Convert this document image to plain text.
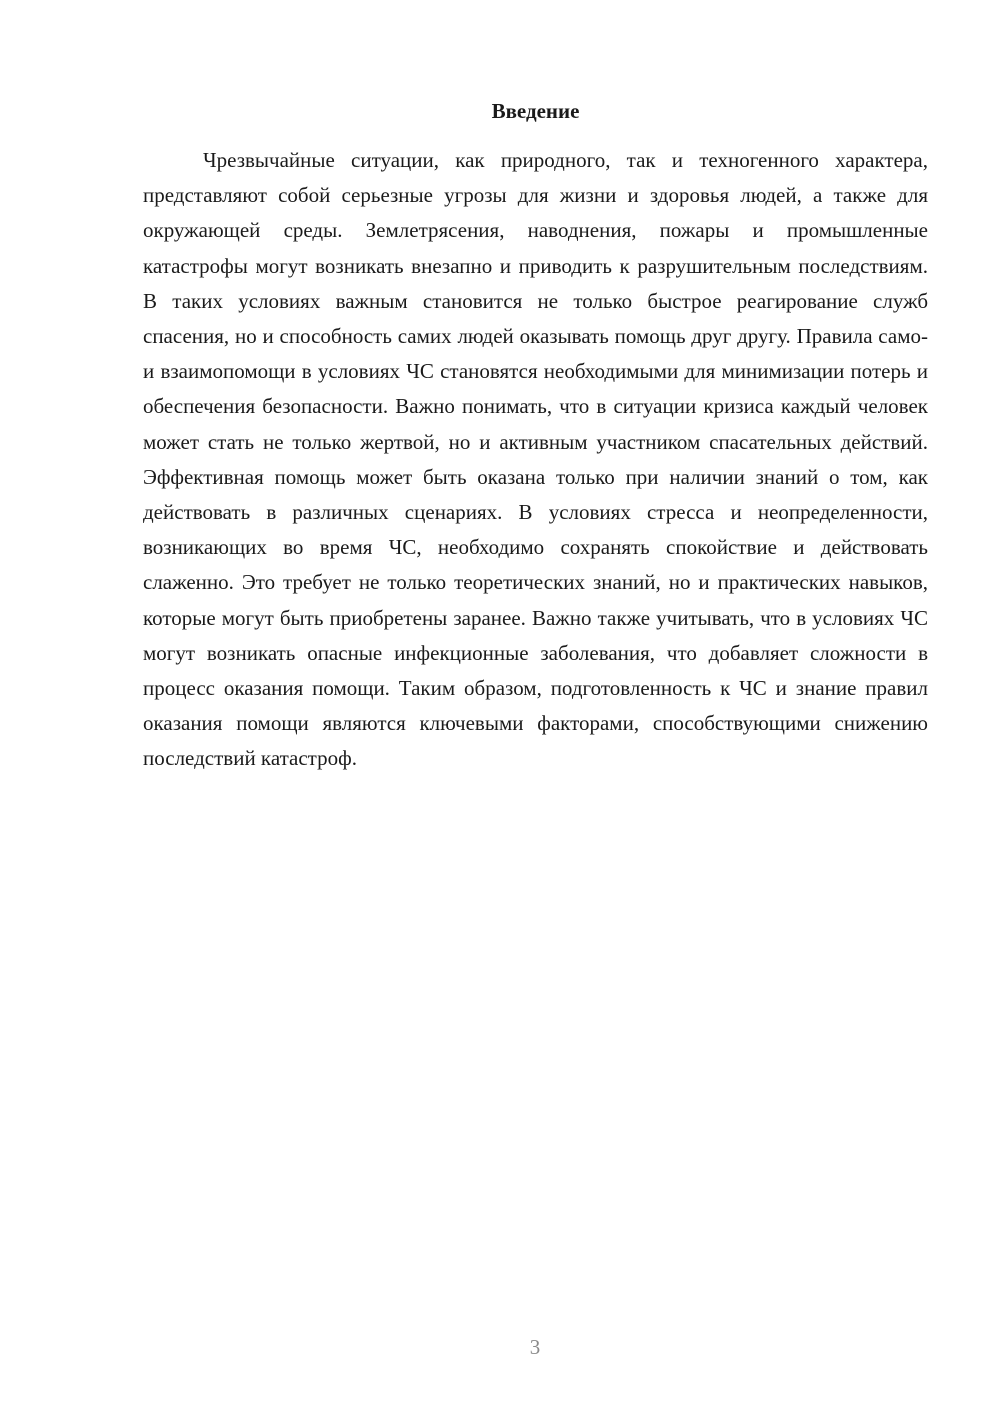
Введение

Чрезвычайные ситуации, как природного, так и техногенного характера, представляют собой серьезные угрозы для жизни и здоровья людей, а также для окружающей среды. Землетрясения, наводнения, пожары и промышленные катастрофы могут возникать внезапно и приводить к разрушительным последствиям. В таких условиях важным становится не только быстрое реагирование служб спасения, но и способность самих людей оказывать помощь друг другу. Правила само- и взаимопомощи в условиях ЧС становятся необходимыми для минимизации потерь и обеспечения безопасности. Важно понимать, что в ситуации кризиса каждый человек может стать не только жертвой, но и активным участником спасательных действий. Эффективная помощь может быть оказана только при наличии знаний о том, как действовать в различных сценариях. В условиях стресса и неопределенности, возникающих во время ЧС, необходимо сохранять спокойствие и действовать слаженно. Это требует не только теоретических знаний, но и практических навыков, которые могут быть приобретены заранее. Важно также учитывать, что в условиях ЧС могут возникать опасные инфекционные заболевания, что добавляет сложности в процесс оказания помощи. Таким образом, подготовленность к ЧС и знание правил оказания помощи являются ключевыми факторами, способствующими снижению последствий катастроф.

3
